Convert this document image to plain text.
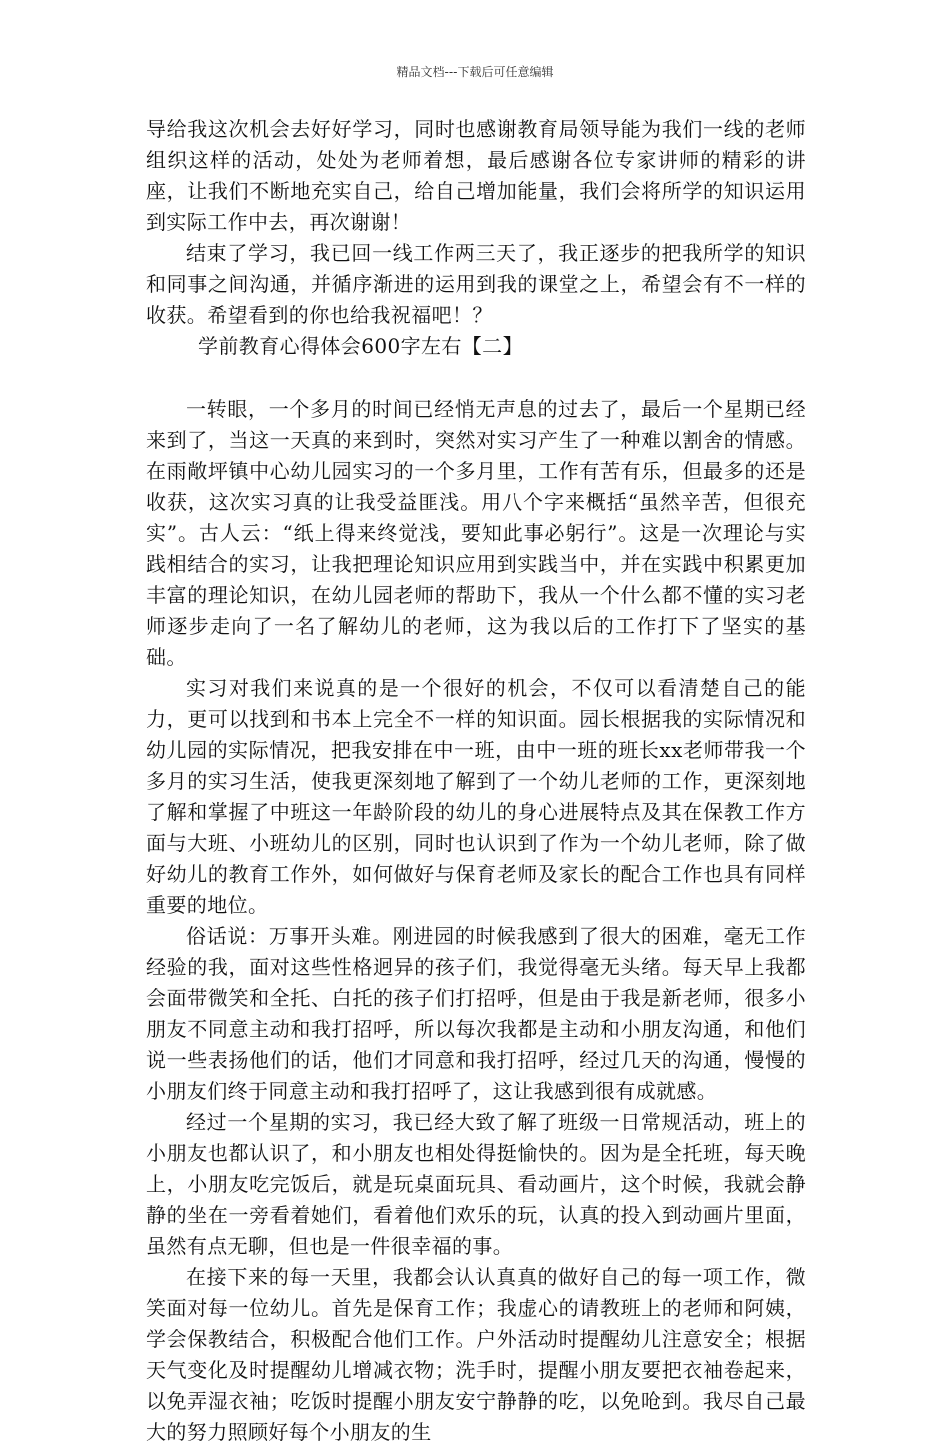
精品文档---下载后可任意编辑

导给我这次机会去好好学习，同时也感谢教育局领导能为我们一线的老师组织这样的活动，处处为老师着想，最后感谢各位专家讲师的精彩的讲座，让我们不断地充实自己，给自己增加能量，我们会将所学的知识运用到实际工作中去，再次谢谢！

结束了学习，我已回一线工作两三天了，我正逐步的把我所学的知识和同事之间沟通，并循序渐进的运用到我的课堂之上，希望会有不一样的收获。希望看到的你也给我祝福吧！？

学前教育心得体会600字左右【二】

一转眼，一个多月的时间已经悄无声息的过去了，最后一个星期已经来到了，当这一天真的来到时，突然对实习产生了一种难以割舍的情感。在雨敞坪镇中心幼儿园实习的一个多月里，工作有苦有乐，但最多的还是收获，这次实习真的让我受益匪浅。用八个字来概括“虽然辛苦，但很充实”。古人云：“纸上得来终觉浅，要知此事必躬行”。这是一次理论与实践相结合的实习，让我把理论知识应用到实践当中，并在实践中积累更加丰富的理论知识，在幼儿园老师的帮助下，我从一个什么都不懂的实习老师逐步走向了一名了解幼儿的老师，这为我以后的工作打下了坚实的基础。

实习对我们来说真的是一个很好的机会，不仅可以看清楚自己的能力，更可以找到和书本上完全不一样的知识面。园长根据我的实际情况和幼儿园的实际情况，把我安排在中一班，由中一班的班长xx老师带我一个多月的实习生活，使我更深刻地了解到了一个幼儿老师的工作，更深刻地了解和掌握了中班这一年龄阶段的幼儿的身心进展特点及其在保教工作方面与大班、小班幼儿的区别，同时也认识到了作为一个幼儿老师，除了做好幼儿的教育工作外，如何做好与保育老师及家长的配合工作也具有同样重要的地位。

俗话说：万事开头难。刚进园的时候我感到了很大的困难，毫无工作经验的我，面对这些性格迥异的孩子们，我觉得毫无头绪。每天早上我都会面带微笑和全托、白托的孩子们打招呼，但是由于我是新老师，很多小朋友不同意主动和我打招呼，所以每次我都是主动和小朋友沟通，和他们说一些表扬他们的话，他们才同意和我打招呼，经过几天的沟通，慢慢的小朋友们终于同意主动和我打招呼了，这让我感到很有成就感。

经过一个星期的实习，我已经大致了解了班级一日常规活动，班上的小朋友也都认识了，和小朋友也相处得挺愉快的。因为是全托班，每天晚上，小朋友吃完饭后，就是玩桌面玩具、看动画片，这个时候，我就会静静的坐在一旁看着她们，看着他们欢乐的玩，认真的投入到动画片里面，虽然有点无聊，但也是一件很幸福的事。

在接下来的每一天里，我都会认认真真的做好自己的每一项工作，微笑面对每一位幼儿。首先是保育工作；我虚心的请教班上的老师和阿姨，学会保教结合，积极配合他们工作。户外活动时提醒幼儿注意安全；根据天气变化及时提醒幼儿增减衣物；洗手时，提醒小朋友要把衣袖卷起来，以免弄湿衣袖；吃饭时提醒小朋友安宁静静的吃，以免呛到。我尽自己最大的努力照顾好每个小朋友的生
